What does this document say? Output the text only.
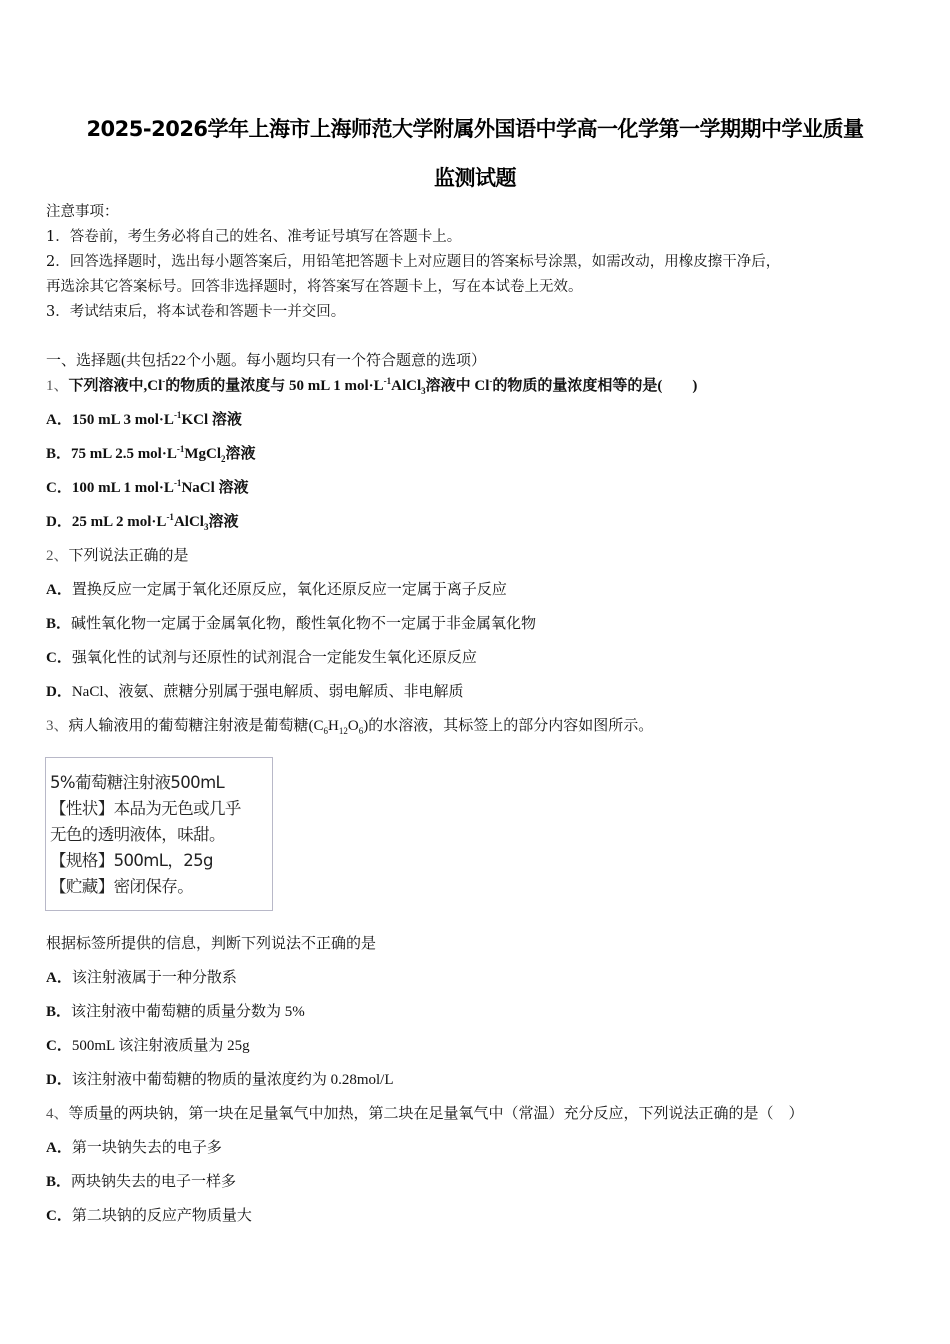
2025-2026学年上海市上海师范大学附属外国语中学高一化学第一学期期中学业质量
监测试题
注意事项：
1．答卷前，考生务必将自己的姓名、准考证号填写在答题卡上。
2．回答选择题时，选出每小题答案后，用铅笔把答题卡上对应题目的答案标号涂黑，如需改动，用橡皮擦干净后，
再选涂其它答案标号。回答非选择题时，将答案写在答题卡上，写在本试卷上无效。
3．考试结束后，将本试卷和答题卡一并交回。
一、选择题(共包括22个小题。每小题均只有一个符合题意的选项）
1、下列溶液中,Cl-的物质的量浓度与 50 mL 1 $mol\cdot L^{-1}AlCl_3$溶液中 Cl-的物质的量浓度相等的是(　　)
A．150 mL 3 $mol\cdot L^{-1}KCl$ 溶液
B．75 mL 2.5 $mol\cdot L^{-1}MgCl_2$溶液
C．100 mL 1 $mol\cdot L^{-1}NaCl$ 溶液
D．25 mL 2 $mol\cdot L^{-1}AlCl_3$溶液
2、下列说法正确的是
A．置换反应一定属于氧化还原反应，氧化还原反应一定属于离子反应
B．碱性氧化物一定属于金属氧化物，酸性氧化物不一定属于非金属氧化物
C．强氧化性的试剂与还原性的试剂混合一定能发生氧化还原反应
D．NaCl、液氨、蔗糖分别属于强电解质、弱电解质、非电解质
3、病人输液用的葡萄糖注射液是葡萄糖$(C_6H_{12}O_6)$的水溶液，其标签上的部分内容如图所示。
5%葡萄糖注射液500mL
【性状】本品为无色或几乎
无色的透明液体，味甜。
【规格】500mL，25g
【贮藏】密闭保存。
根据标签所提供的信息，判断下列说法不正确的是
A．该注射液属于一种分散系
B．该注射液中葡萄糖的质量分数为 5%
C．500mL 该注射液质量为 25g
D．该注射液中葡萄糖的物质的量浓度约为 0.28mol/L
4、等质量的两块钠，第一块在足量氧气中加热，第二块在足量氧气中（常温）充分反应，下列说法正确的是（　）
A．第一块钠失去的电子多
B．两块钠失去的电子一样多
C．第二块钠的反应产物质量大
